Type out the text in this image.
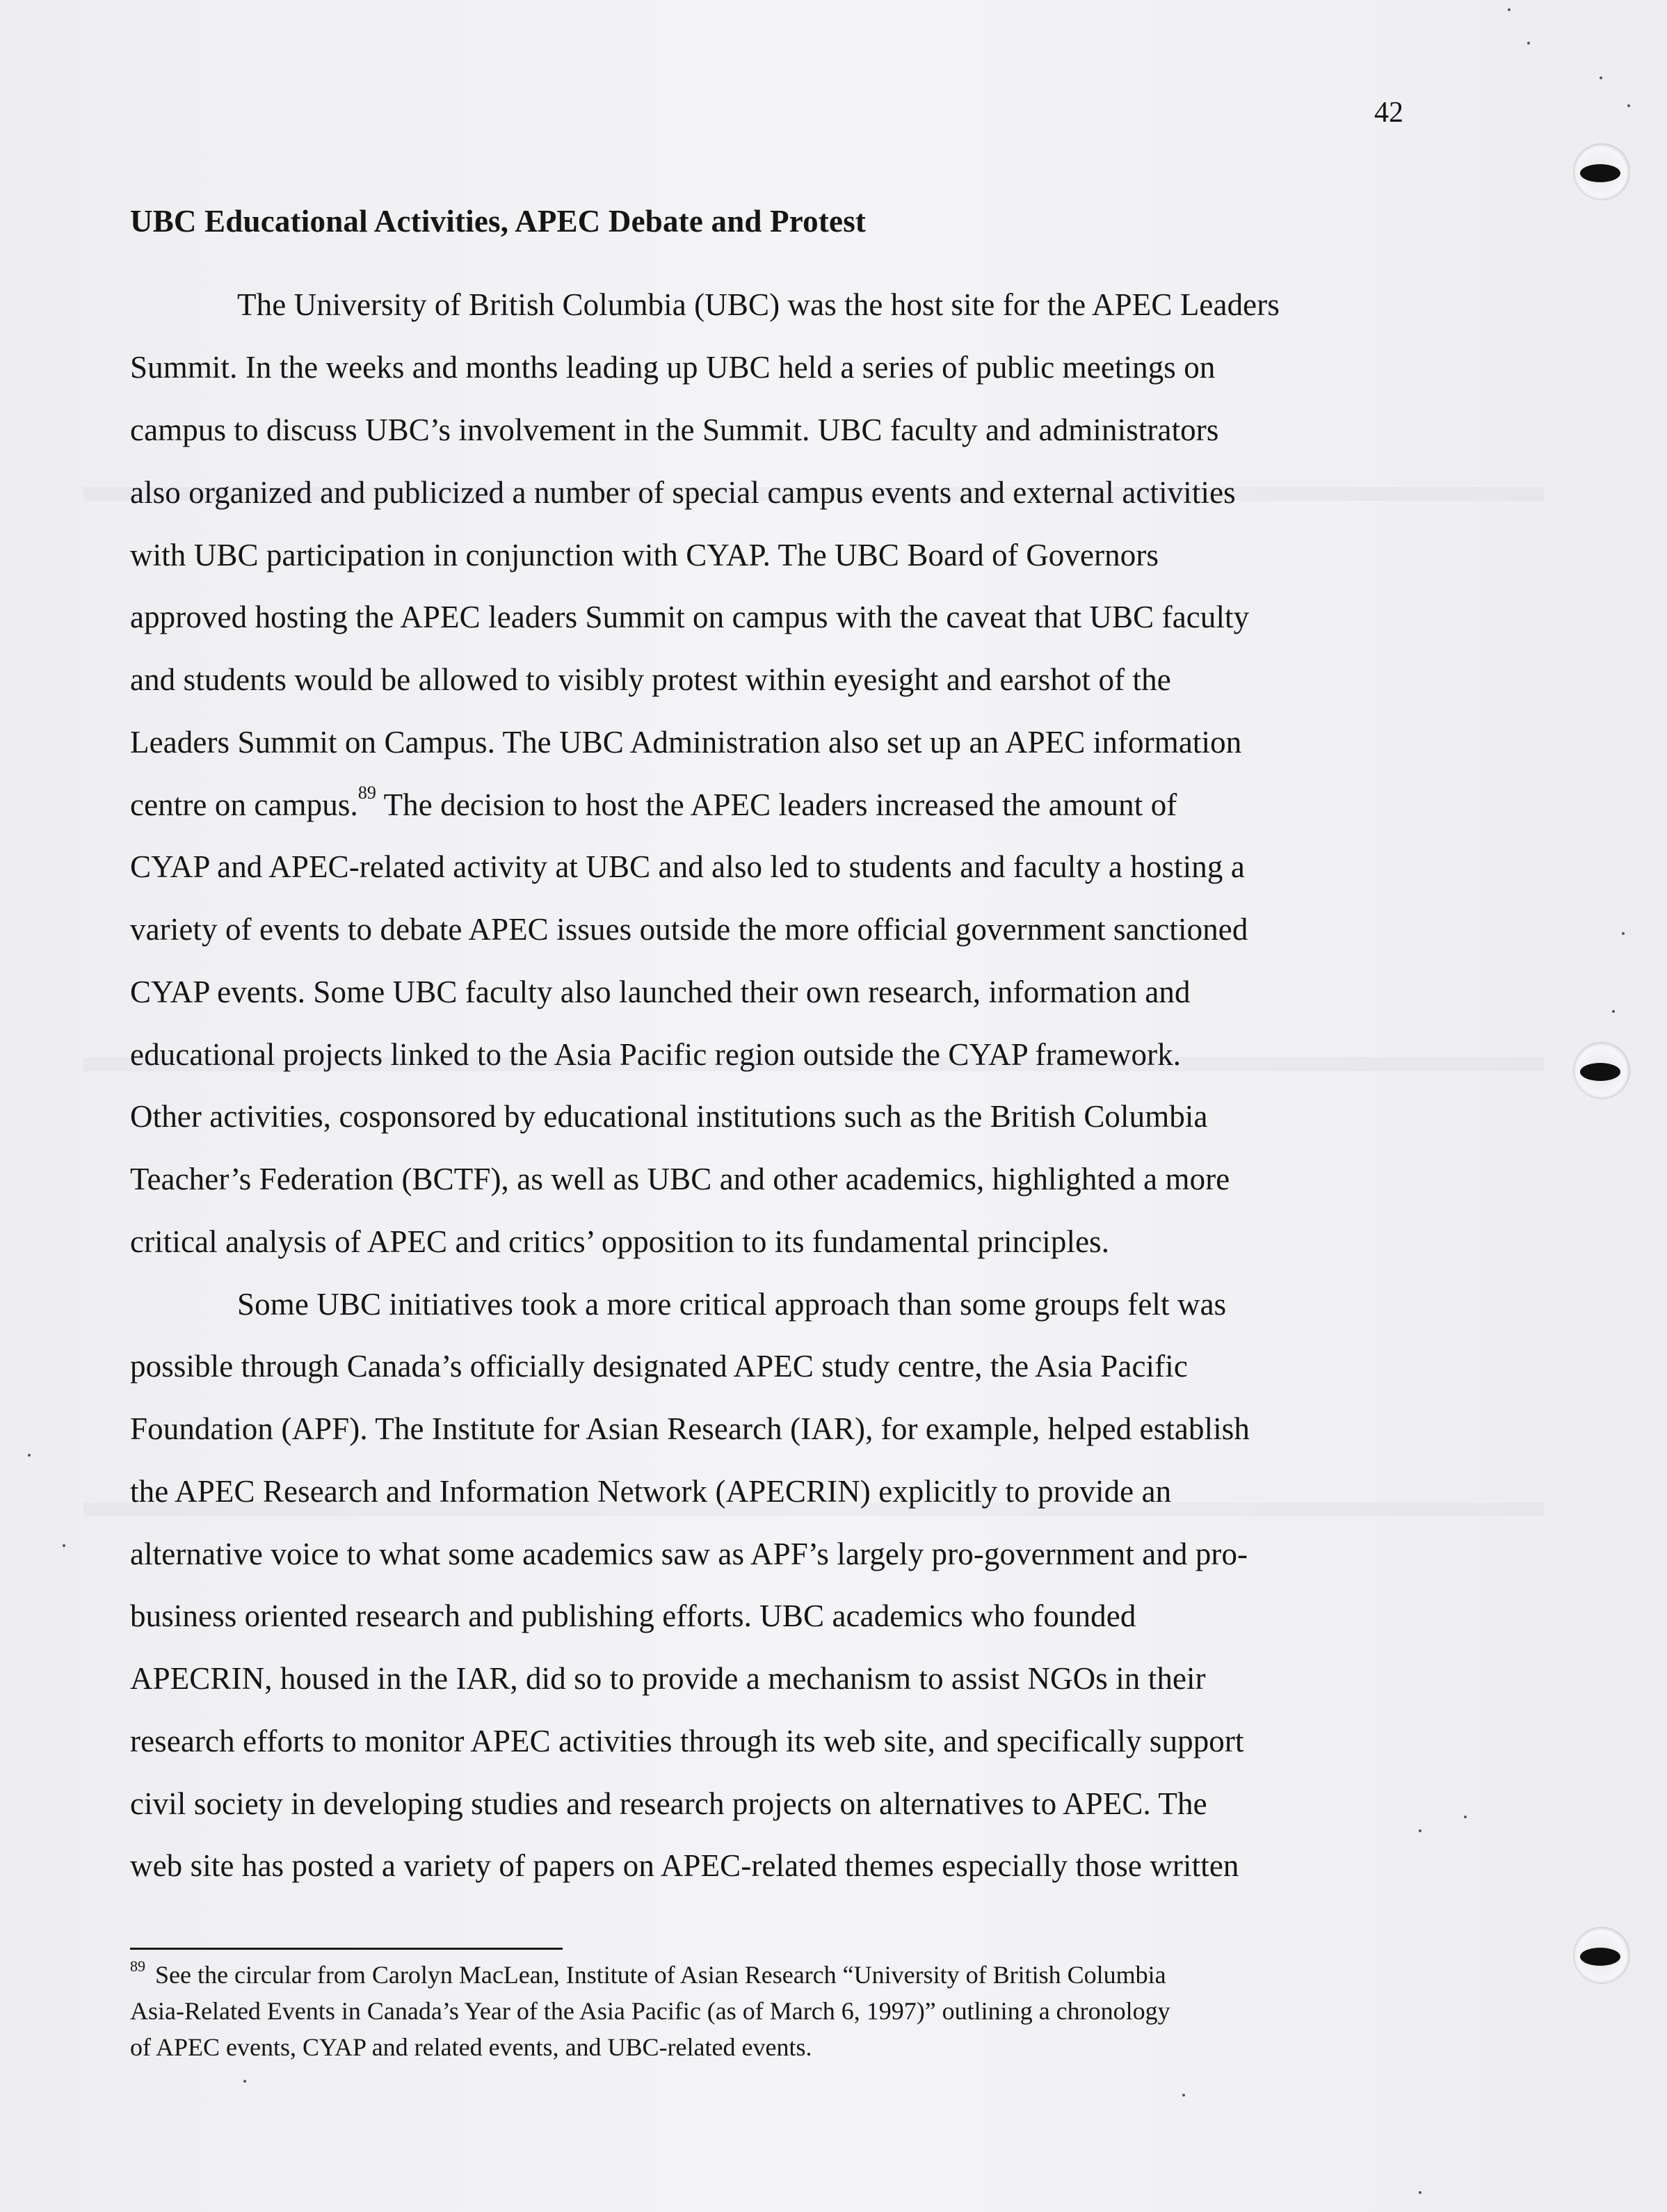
42
UBC Educational Activities, APEC Debate and Protest
The University of British Columbia (UBC) was the host site for the APEC Leaders
Summit. In the weeks and months leading up UBC held a series of public meetings on
campus to discuss UBC’s involvement in the Summit. UBC faculty and administrators
also organized and publicized a number of special campus events and external activities
with UBC participation in conjunction with CYAP. The UBC Board of Governors
approved hosting the APEC leaders Summit on campus with the caveat that UBC faculty
and students would be allowed to visibly protest within eyesight and earshot of the
Leaders Summit on Campus. The UBC Administration also set up an APEC information
centre on campus.$^{89}$ The decision to host the APEC leaders increased the amount of
CYAP and APEC-related activity at UBC and also led to students and faculty a hosting a
variety of events to debate APEC issues outside the more official government sanctioned
CYAP events. Some UBC faculty also launched their own research, information and
educational projects linked to the Asia Pacific region outside the CYAP framework.
Other activities, cosponsored by educational institutions such as the British Columbia
Teacher’s Federation (BCTF), as well as UBC and other academics, highlighted a more
critical analysis of APEC and critics’ opposition to its fundamental principles.
Some UBC initiatives took a more critical approach than some groups felt was
possible through Canada’s officially designated APEC study centre, the Asia Pacific
Foundation (APF). The Institute for Asian Research (IAR), for example, helped establish
the APEC Research and Information Network (APECRIN) explicitly to provide an
alternative voice to what some academics saw as APF’s largely pro-government and pro-
business oriented research and publishing efforts. UBC academics who founded
APECRIN, housed in the IAR, did so to provide a mechanism to assist NGOs in their
research efforts to monitor APEC activities through its web site, and specifically support
civil society in developing studies and research projects on alternatives to APEC. The
web site has posted a variety of papers on APEC-related themes especially those written
$^{89}$ See the circular from Carolyn MacLean, Institute of Asian Research “University of British Columbia
Asia-Related Events in Canada’s Year of the Asia Pacific (as of March 6, 1997)” outlining a chronology
of APEC events, CYAP and related events, and UBC-related events.
